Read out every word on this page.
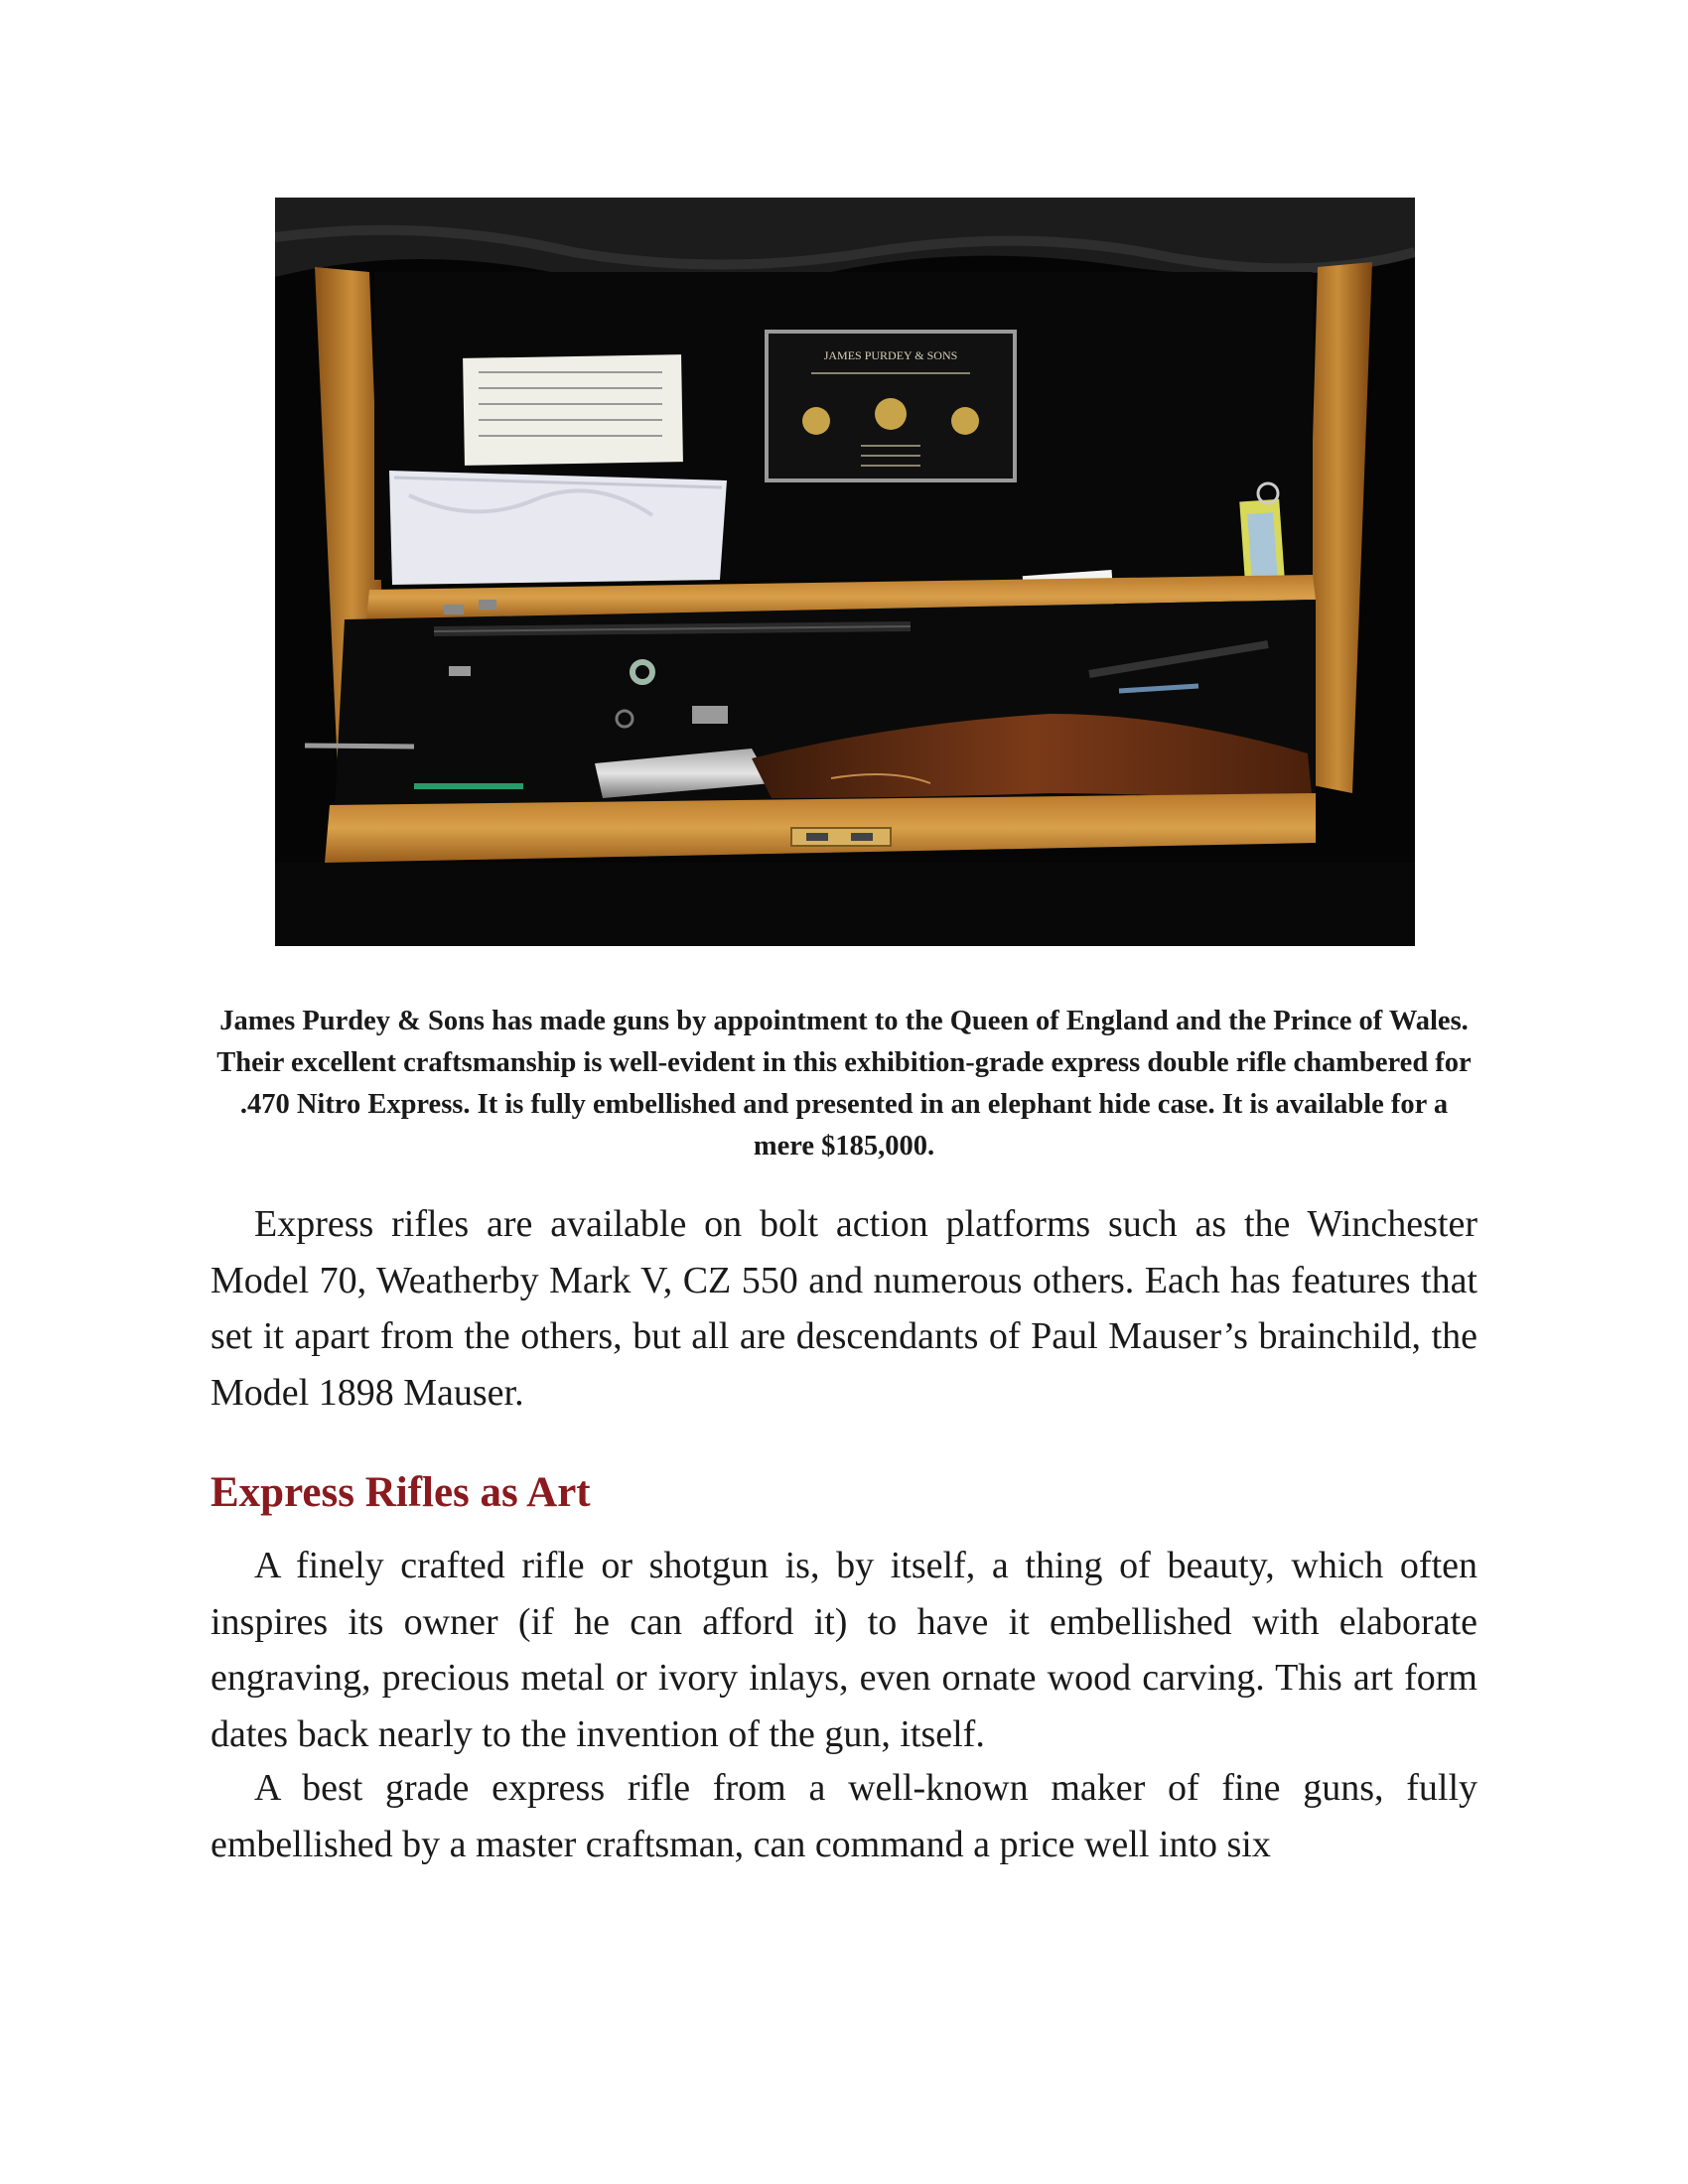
JAMES PURDEY & SONS

James Purdey & Sons has made guns by appointment to the Queen of England and the Prince of Wales. Their excellent craftsmanship is well-evident in this exhibition-grade express double rifle chambered for .470 Nitro Express. It is fully embellished and presented in an elephant hide case. It is available for a mere $185,000.

Express rifles are available on bolt action platforms such as the Winchester Model 70, Weatherby Mark V, CZ 550 and numerous others. Each has features that set it apart from the others, but all are descendants of Paul Mauser’s brainchild, the Model 1898 Mauser.

Express Rifles as Art

A finely crafted rifle or shotgun is, by itself, a thing of beauty, which often inspires its owner (if he can afford it) to have it embellished with elaborate engraving, precious metal or ivory inlays, even ornate wood carving. This art form dates back nearly to the invention of the gun, itself.

A best grade express rifle from a well-known maker of fine guns, fully embellished by a master craftsman, can command a price well into six
